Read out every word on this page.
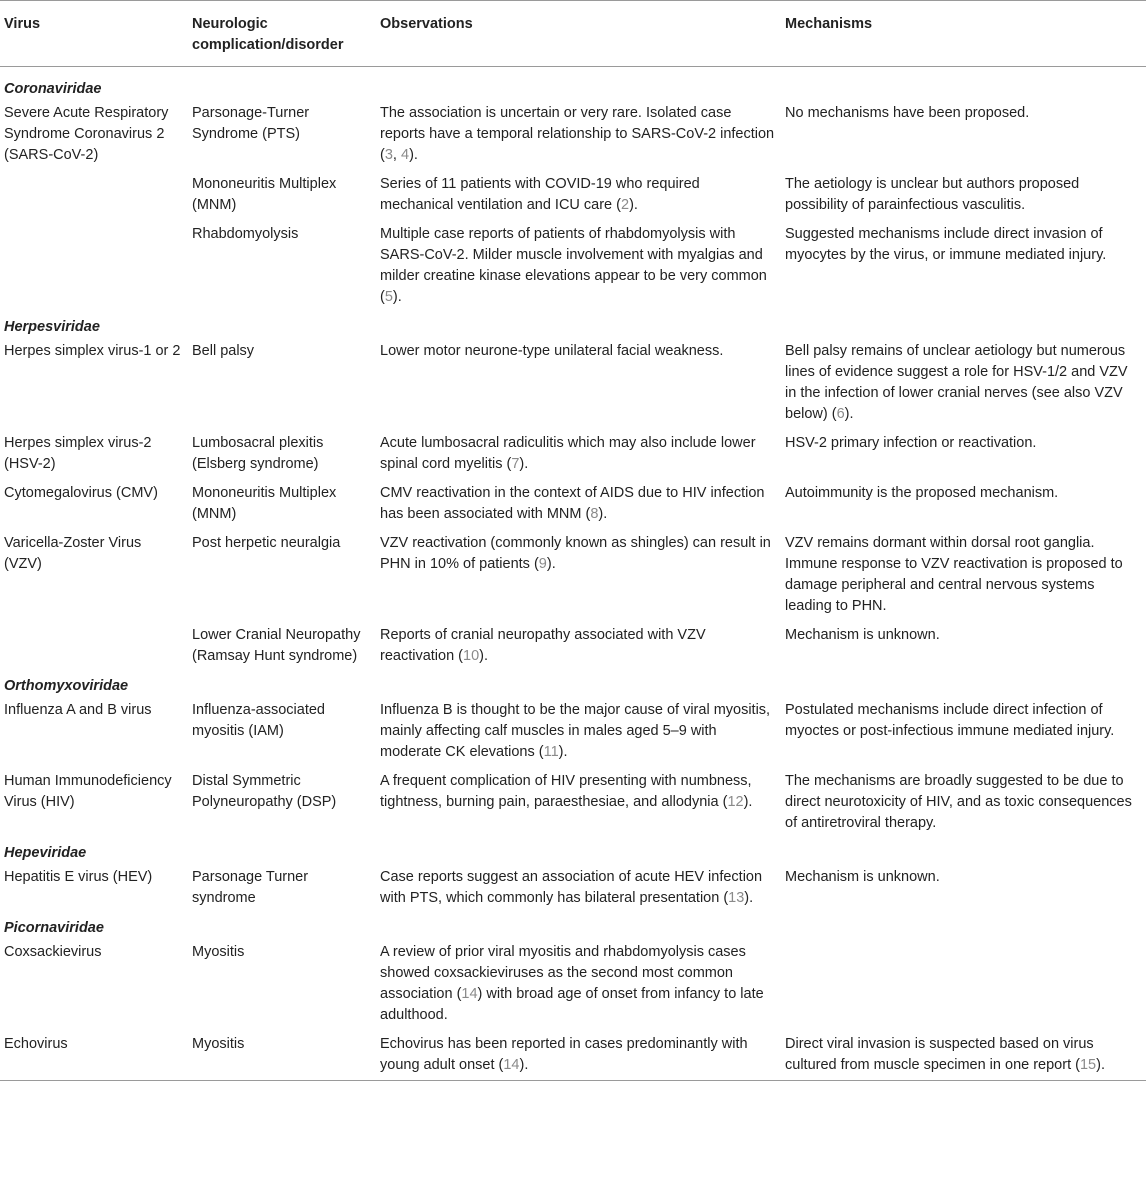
Virus	Neurologic complication/disorder	Observations	Mechanisms
Coronaviridae			
Severe Acute Respiratory Syndrome Coronavirus 2 (SARS-CoV-2)	Parsonage-Turner Syndrome (PTS)	The association is uncertain or very rare. Isolated case reports have a temporal relationship to SARS-CoV-2 infection (3, 4).	No mechanisms have been proposed.
	Mononeuritis Multiplex (MNM)	Series of 11 patients with COVID-19 who required mechanical ventilation and ICU care (2).	The aetiology is unclear but authors proposed possibility of parainfectious vasculitis.
	Rhabdomyolysis	Multiple case reports of patients of rhabdomyolysis with SARS-CoV-2. Milder muscle involvement with myalgias and milder creatine kinase elevations appear to be very common (5).	Suggested mechanisms include direct invasion of myocytes by the virus, or immune mediated injury.
Herpesviridae			
Herpes simplex virus-1 or 2	Bell palsy	Lower motor neurone-type unilateral facial weakness.	Bell palsy remains of unclear aetiology but numerous lines of evidence suggest a role for HSV-1/2 and VZV in the infection of lower cranial nerves (see also VZV below) (6).
Herpes simplex virus-2 (HSV-2)	Lumbosacral plexitis (Elsberg syndrome)	Acute lumbosacral radiculitis which may also include lower spinal cord myelitis (7).	HSV-2 primary infection or reactivation.
Cytomegalovirus (CMV)	Mononeuritis Multiplex (MNM)	CMV reactivation in the context of AIDS due to HIV infection has been associated with MNM (8).	Autoimmunity is the proposed mechanism.
Varicella-Zoster Virus (VZV)	Post herpetic neuralgia	VZV reactivation (commonly known as shingles) can result in PHN in 10% of patients (9).	VZV remains dormant within dorsal root ganglia. Immune response to VZV reactivation is proposed to damage peripheral and central nervous systems leading to PHN.
	Lower Cranial Neuropathy (Ramsay Hunt syndrome)	Reports of cranial neuropathy associated with VZV reactivation (10).	Mechanism is unknown.
Orthomyxoviridae			
Influenza A and B virus	Influenza-associated myositis (IAM)	Influenza B is thought to be the major cause of viral myositis, mainly affecting calf muscles in males aged 5–9 with moderate CK elevations (11).	Postulated mechanisms include direct infection of myoctes or post-infectious immune mediated injury.
Human Immunodeficiency Virus (HIV)	Distal Symmetric Polyneuropathy (DSP)	A frequent complication of HIV presenting with numbness, tightness, burning pain, paraesthesiae, and allodynia (12).	The mechanisms are broadly suggested to be due to direct neurotoxicity of HIV, and as toxic consequences of antiretroviral therapy.
Hepeviridae			
Hepatitis E virus (HEV)	Parsonage Turner syndrome	Case reports suggest an association of acute HEV infection with PTS, which commonly has bilateral presentation (13).	Mechanism is unknown.
Picornaviridae			
Coxsackievirus	Myositis	A review of prior viral myositis and rhabdomyolysis cases showed coxsackieviruses as the second most common association (14) with broad age of onset from infancy to late adulthood.	
Echovirus	Myositis	Echovirus has been reported in cases predominantly with young adult onset (14).	Direct viral invasion is suspected based on virus cultured from muscle specimen in one report (15).
